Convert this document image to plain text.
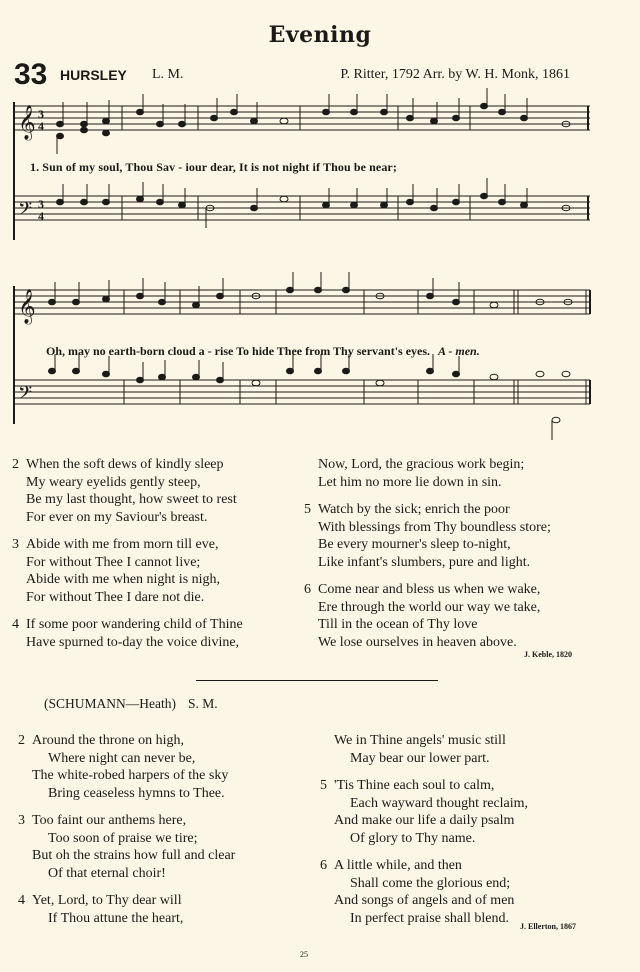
Evening
33 HURSLEY L. M.	P. Ritter, 1792 Arr. by W. H. Monk, 1861
𝄞
𝄢
3
4
3
4
1. Sun of my soul, Thou Sav - iour dear, It is not night if Thou be near;
𝄞
𝄢
Oh, may no earth-born cloud a - rise To hide Thee from Thy servant's eyes. A - men.
2 When the soft dews of kindly sleep
My weary eyelids gently steep,
Be my last thought, how sweet to rest
For ever on my Saviour's breast.
3 Abide with me from morn till eve,
For without Thee I cannot live;
Abide with me when night is nigh,
For without Thee I dare not die.
4 If some poor wandering child of Thine
Have spurned to-day the voice divine,
Now, Lord, the gracious work begin;
Let him no more lie down in sin.
5 Watch by the sick; enrich the poor
With blessings from Thy boundless store;
Be every mourner's sleep to-night,
Like infant's slumbers, pure and light.
6 Come near and bless us when we wake,
Ere through the world our way we take,
Till in the ocean of Thy love
We lose ourselves in heaven above.
J. Keble, 1820
(SCHUMANN—Heath) S. M.
2 Around the throne on high,
Where night can never be,
The white-robed harpers of the sky
Bring ceaseless hymns to Thee.
3 Too faint our anthems here,
Too soon of praise we tire;
But oh the strains how full and clear
Of that eternal choir!
4 Yet, Lord, to Thy dear will
If Thou attune the heart,
We in Thine angels' music still
May bear our lower part.
5 'Tis Thine each soul to calm,
Each wayward thought reclaim,
And make our life a daily psalm
Of glory to Thy name.
6 A little while, and then
Shall come the glorious end;
And songs of angels and of men
In perfect praise shall blend.
J. Ellerton, 1867
25
